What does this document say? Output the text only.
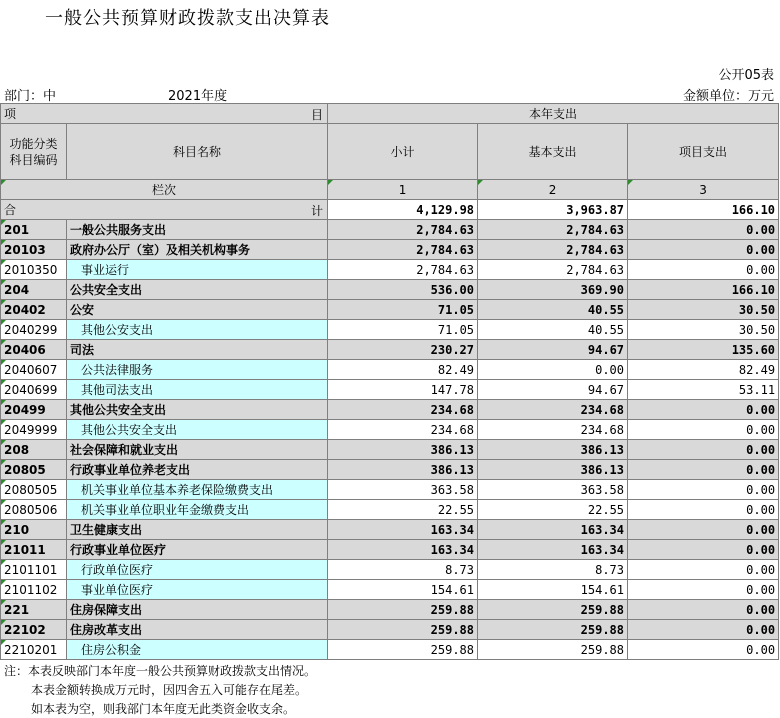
一般公共预算财政拨款支出决算表
公开05表
部门：中	2021年度	金额单位：万元
项 目		本年支出		
功能分类
科目编码	科目名称	小计	基本支出	项目支出
栏次		1	2	3
合 计		4,129.98	3,963.87	166.10
201	一般公共服务支出	2,784.63	2,784.63	0.00
20103	政府办公厅（室）及相关机构事务	2,784.63	2,784.63	0.00
2010350	事业运行	2,784.63	2,784.63	0.00
204	公共安全支出	536.00	369.90	166.10
20402	公安	71.05	40.55	30.50
2040299	其他公安支出	71.05	40.55	30.50
20406	司法	230.27	94.67	135.60
2040607	公共法律服务	82.49	0.00	82.49
2040699	其他司法支出	147.78	94.67	53.11
20499	其他公共安全支出	234.68	234.68	0.00
2049999	其他公共安全支出	234.68	234.68	0.00
208	社会保障和就业支出	386.13	386.13	0.00
20805	行政事业单位养老支出	386.13	386.13	0.00
2080505	机关事业单位基本养老保险缴费支出	363.58	363.58	0.00
2080506	机关事业单位职业年金缴费支出	22.55	22.55	0.00
210	卫生健康支出	163.34	163.34	0.00
21011	行政事业单位医疗	163.34	163.34	0.00
2101101	行政单位医疗	8.73	8.73	0.00
2101102	事业单位医疗	154.61	154.61	0.00
221	住房保障支出	259.88	259.88	0.00
22102	住房改革支出	259.88	259.88	0.00
2210201	住房公积金	259.88	259.88	0.00
注：本表反映部门本年度一般公共预算财政拨款支出情况。
本表金额转换成万元时，因四舍五入可能存在尾差。
如本表为空，则我部门本年度无此类资金收支余。
